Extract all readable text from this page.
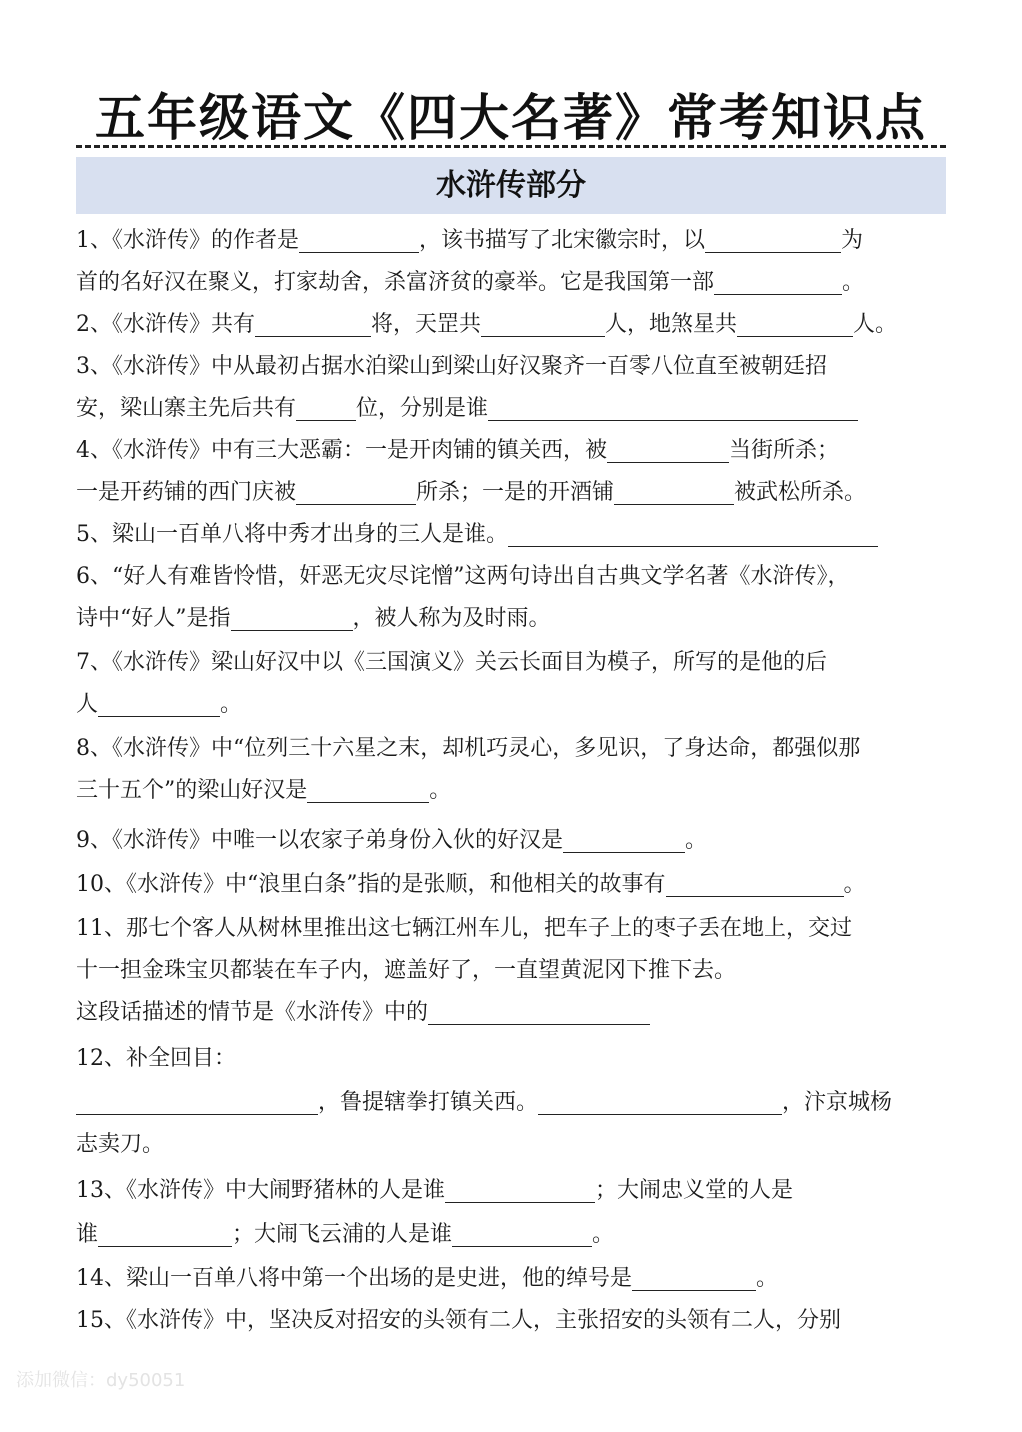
五年级语文《四大名著》常考知识点
水浒传部分
1、《水浒传》的作者是	，该书描写了北宋徽宗时，以	为
首的名好汉在聚义，打家劫舍，杀富济贫的豪举。它是我国第一部	。
2、《水浒传》共有	将，天罡共	人，地煞星共	人。
3、《水浒传》中从最初占据水泊梁山到梁山好汉聚齐一百零八位直至被朝廷招
安，梁山寨主先后共有	位，分别是谁
4、《水浒传》中有三大恶霸：一是开肉铺的镇关西，被	当街所杀；
一是开药铺的西门庆被	所杀；一是的开酒铺	被武松所杀。
5、梁山一百单八将中秀才出身的三人是谁。
6、“好人有难皆怜惜，奸恶无灾尽诧憎”这两句诗出自古典文学名著《水浒传》，
诗中“好人”是指	，被人称为及时雨。
7、《水浒传》梁山好汉中以《三国演义》关云长面目为模子，所写的是他的后
人	。
8、《水浒传》中“位列三十六星之末，却机巧灵心，多见识，了身达命，都强似那
三十五个”的梁山好汉是	。
9、《水浒传》中唯一以农家子弟身份入伙的好汉是	。
10、《水浒传》中“浪里白条”指的是张顺，和他相关的故事有	。
11、那七个客人从树林里推出这七辆江州车儿，把车子上的枣子丢在地上，交过
十一担金珠宝贝都装在车子内，遮盖好了，一直望黄泥冈下推下去。
这段话描述的情节是《水浒传》中的
12、补全回目：
，鲁提辖拳打镇关西。	，汴京城杨
志卖刀。
13、《水浒传》中大闹野猪林的人是谁	；大闹忠义堂的人是
谁	；大闹飞云浦的人是谁	。
14、梁山一百单八将中第一个出场的是史进，他的绰号是	。
15、《水浒传》中，坚决反对招安的头领有二人，主张招安的头领有二人，分别
添加微信：dy50051
